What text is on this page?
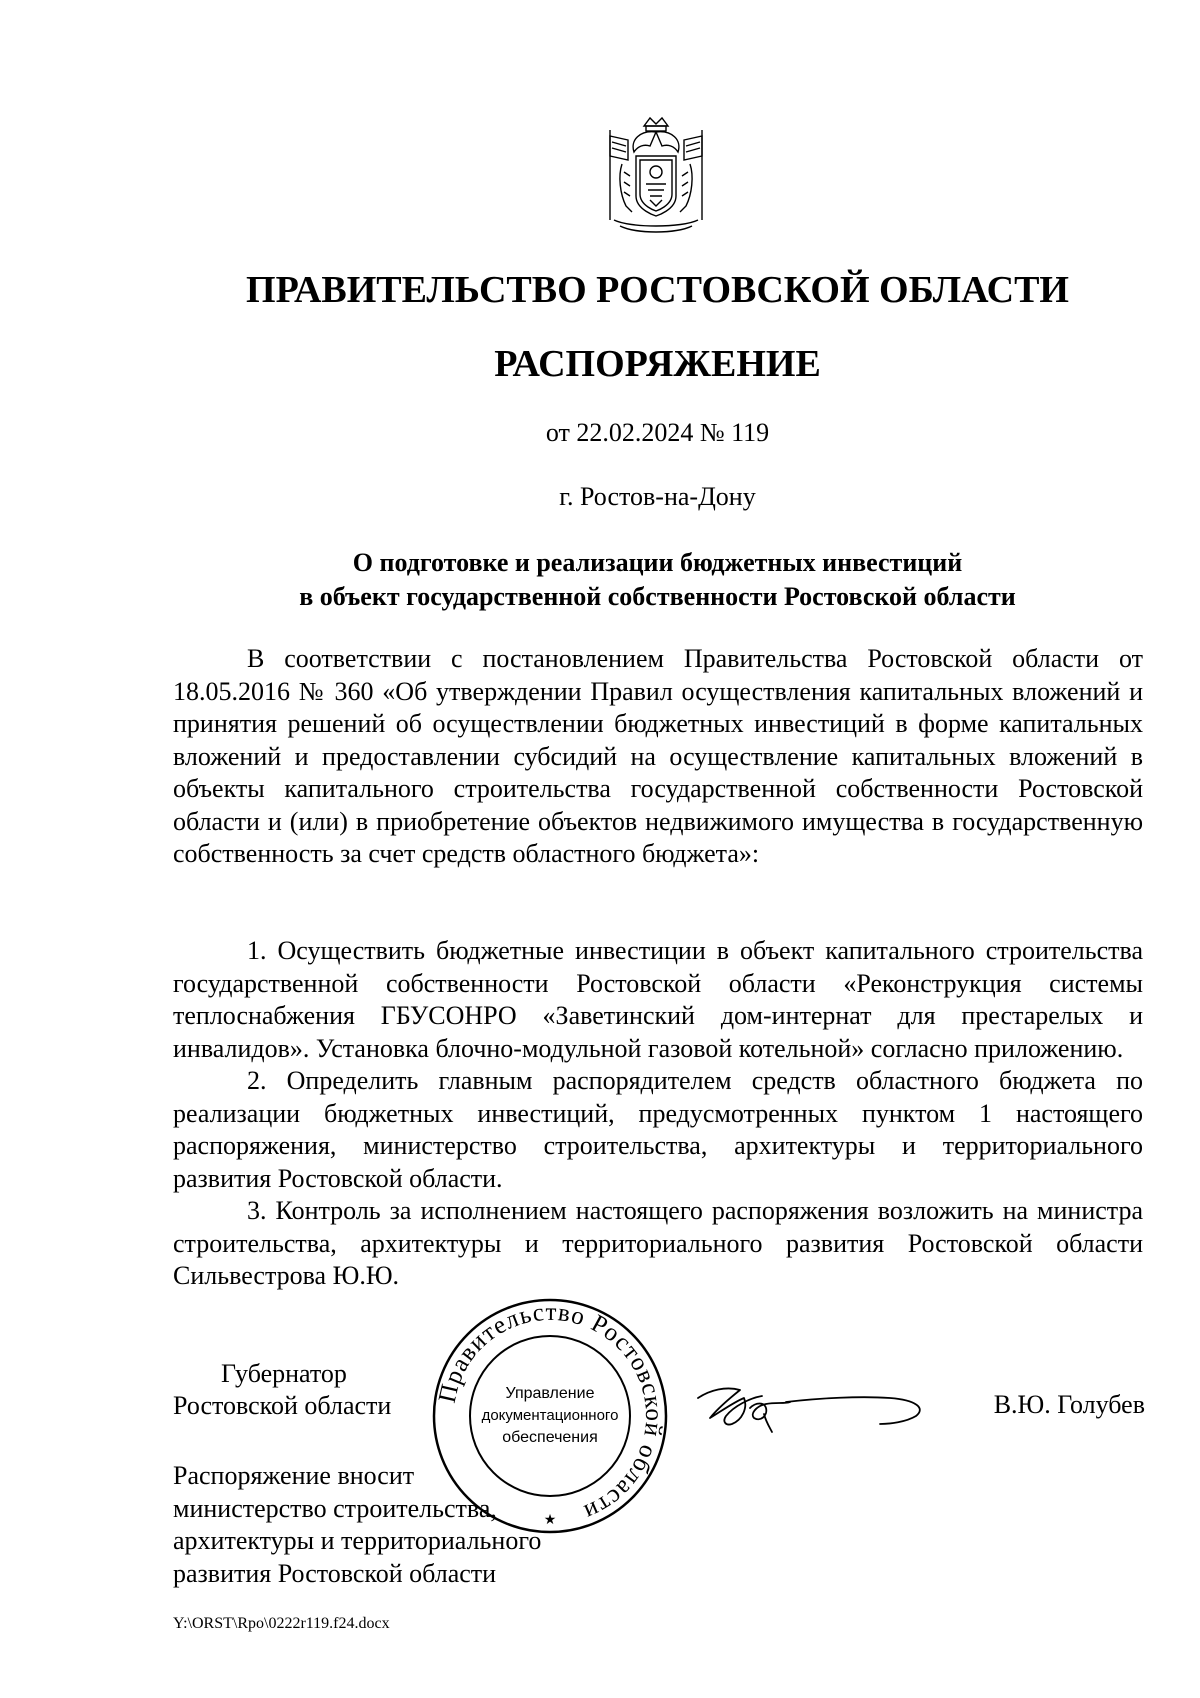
ПРАВИТЕЛЬСТВО РОСТОВСКОЙ ОБЛАСТИ
РАСПОРЯЖЕНИЕ
от 22.02.2024 № 119
г. Ростов-на-Дону
О подготовке и реализации бюджетных инвестиций
в объект государственной собственности Ростовской области

В соответствии с постановлением Правительства Ростовской области от 18.05.2016 № 360 «Об утверждении Правил осуществления капитальных вложений и принятия решений об осуществлении бюджетных инвестиций в форме капитальных вложений и предоставлении субсидий на осуществление капитальных вложений в объекты капитального строительства государственной собственности Ростовской области и (или) в приобретение объектов недвижимого имущества в государственную собственность за счет средств областного бюджета»:

1. Осуществить бюджетные инвестиции в объект капитального строительства государственной собственности Ростовской области «Реконструкция системы теплоснабжения ГБУСОНРО «Заветинский дом-интернат для престарелых и инвалидов». Установка блочно-модульной газовой котельной» согласно приложению.

2. Определить главным распорядителем средств областного бюджета по реализации бюджетных инвестиций, предусмотренных пунктом 1 настоящего распоряжения, министерство строительства, архитектуры и территориального развития Ростовской области.

3. Контроль за исполнением настоящего распоряжения возложить на министра строительства, архитектуры и территориального развития Ростовской области Сильвестрова Ю.Ю.

Губернатор
Ростовской области Правительство Ростовской области
Управление
документационного
обеспечения
★
В.Ю. Голубев
Распоряжение вносит
министерство строительства,
архитектуры и территориального
развития Ростовской области
Y:\ORST\Rpo\0222r119.f24.docx
